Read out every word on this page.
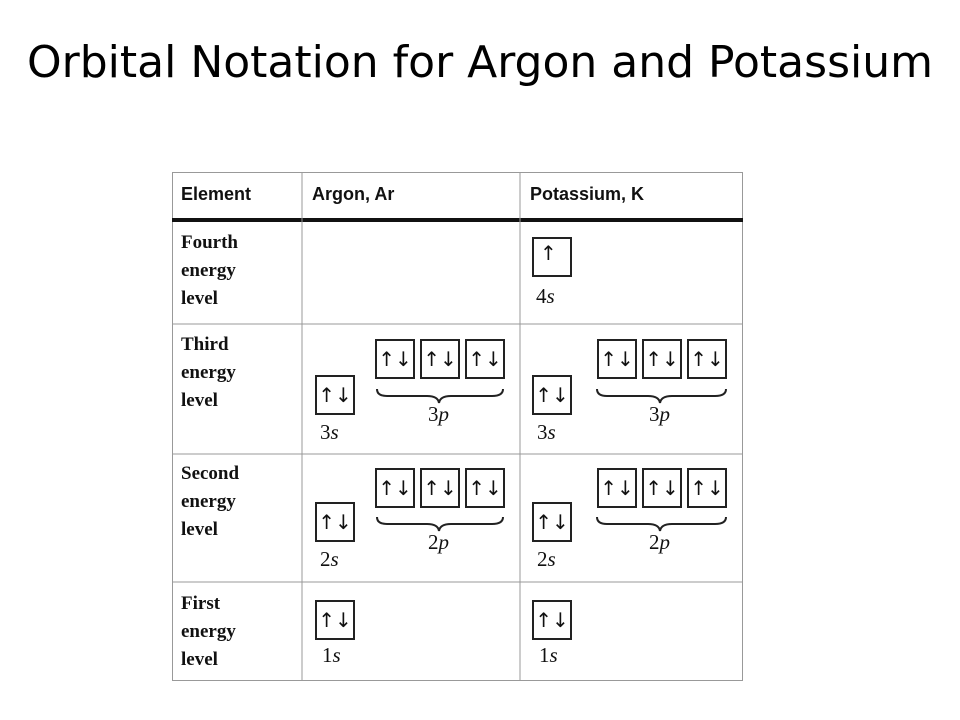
Orbital Notation for Argon and Potassium
Element	Argon, Ar	Potassium, K
Fourth
energy
level
Third
energy
level
Second
energy
level
First
energy
level
↑
4s
↑↓
3s
↑↓ ↑↓ ↑↓
3p
↑↓
3s
↑↓ ↑↓ ↑↓
3p
↑↓
2s
↑↓ ↑↓ ↑↓
2p
↑↓
2s
↑↓ ↑↓ ↑↓
2p
↑↓
1s
↑↓
1s
